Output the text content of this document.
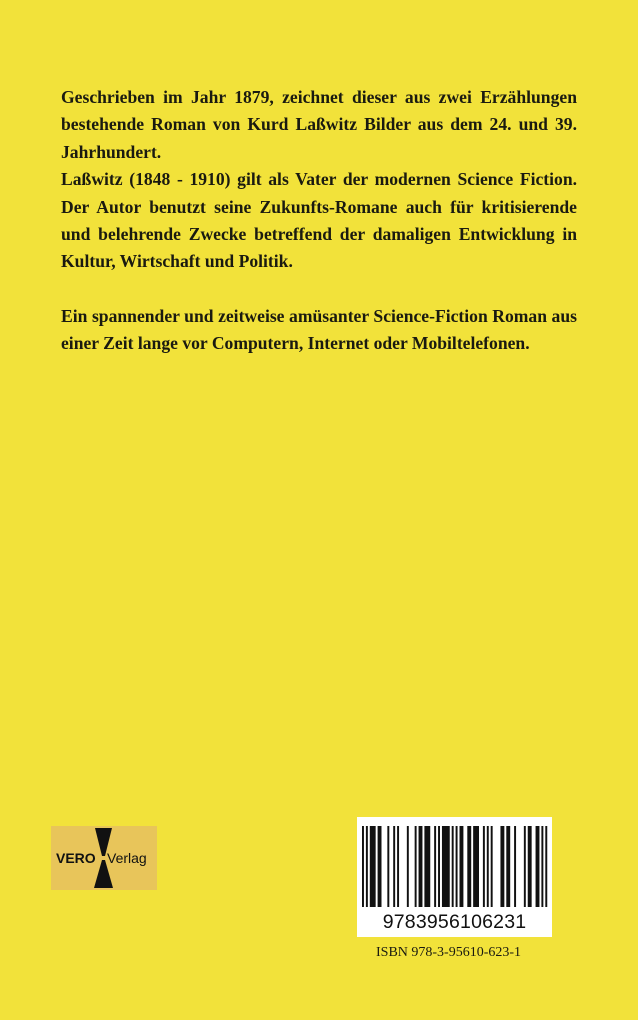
Geschrieben im Jahr 1879, zeichnet dieser aus zwei Erzählungen bestehende Roman von Kurd Laßwitz Bilder aus dem 24. und 39. Jahrhundert.

Laßwitz (1848 - 1910) gilt als Vater der modernen Science Fiction. Der Autor benutzt seine Zukunfts-Romane auch für kritisierende und belehrende Zwecke betreffend der damaligen Entwicklung in Kultur, Wirtschaft und Politik.

Ein spannender und zeitweise amüsanter Science-Fiction Roman aus einer Zeit lange vor Computern, Internet oder Mobiltelefonen.

VERO Verlag
9783956106231
ISBN 978-3-95610-623-1
